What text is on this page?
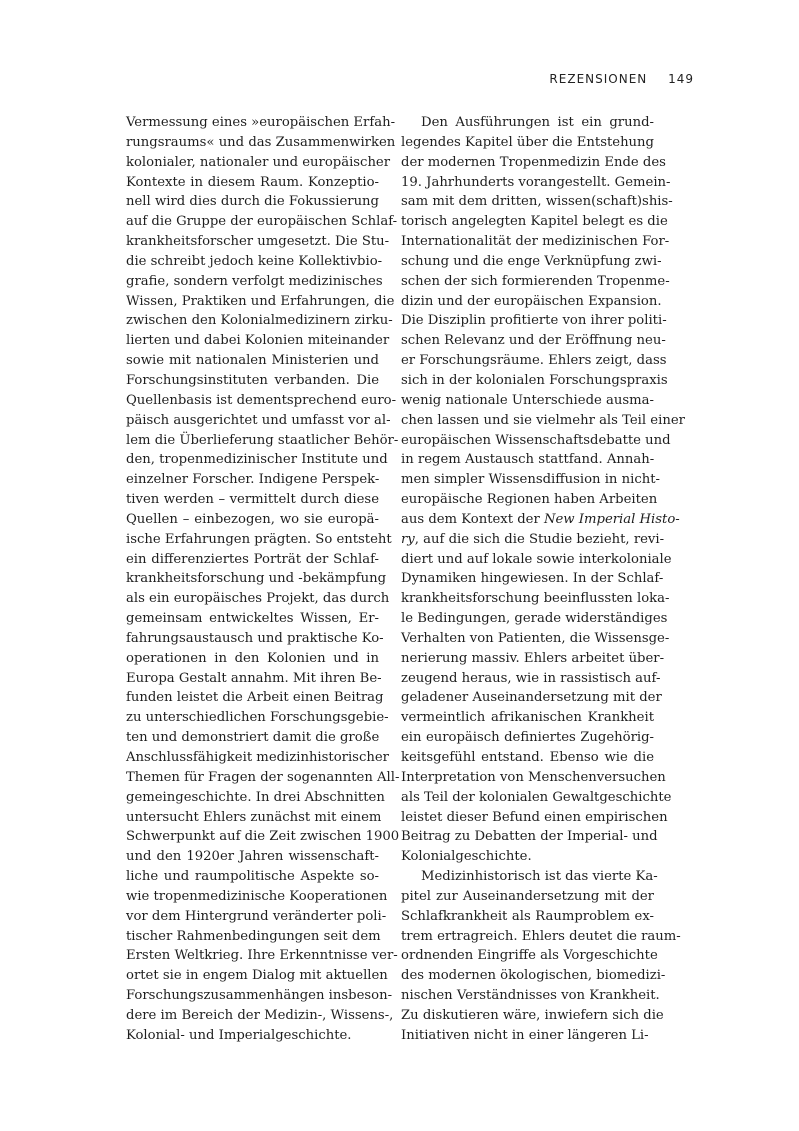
REZENSIONEN 149
Vermessung eines »europäischen Erfah-
rungsraums« und das Zusammenwirken
kolonialer, nationaler und europäischer
Kontexte in diesem Raum. Konzeptio-
nell wird dies durch die Fokussierung
auf die Gruppe der europäischen Schlaf-
krankheitsforscher umgesetzt. Die Stu-
die schreibt jedoch keine Kollektivbio-
grafie, sondern verfolgt medizinisches
Wissen, Praktiken und Erfahrungen, die
zwischen den Kolonialmedizinern zirku-
lierten und dabei Kolonien miteinander
sowie mit nationalen Ministerien und
Forschungsinstituten verbanden. Die
Quellenbasis ist dementsprechend euro-
päisch ausgerichtet und umfasst vor al-
lem die Überlieferung staatlicher Behör-
den, tropenmedizinischer Institute und
einzelner Forscher. Indigene Perspek-
tiven werden – vermittelt durch diese
Quellen – einbezogen, wo sie europä-
ische Erfahrungen prägten. So entsteht
ein differenziertes Porträt der Schlaf-
krankheitsforschung und -bekämpfung
als ein europäisches Projekt, das durch
gemeinsam entwickeltes Wissen, Er-
fahrungsaustausch und praktische Ko-
operationen in den Kolonien und in
Europa Gestalt annahm. Mit ihren Be-
funden leistet die Arbeit einen Beitrag
zu unterschiedlichen Forschungsgebie-
ten und demonstriert damit die große
Anschlussfähigkeit medizinhistorischer
Themen für Fragen der sogenannten All-
gemeingeschichte. In drei Abschnitten
untersucht Ehlers zunächst mit einem
Schwerpunkt auf die Zeit zwischen 1900
und den 1920er Jahren wissenschaft-
liche und raumpolitische Aspekte so-
wie tropenmedizinische Kooperationen
vor dem Hintergrund veränderter poli-
tischer Rahmenbedingungen seit dem
Ersten Weltkrieg. Ihre Erkenntnisse ver-
ortet sie in engem Dialog mit aktuellen
Forschungszusammenhängen insbeson-
dere im Bereich der Medizin-, Wissens-,
Kolonial- und Imperialgeschichte.
Den Ausführungen ist ein grund-
legendes Kapitel über die Entstehung
der modernen Tropenmedizin Ende des
19. Jahrhunderts vorangestellt. Gemein-
sam mit dem dritten, wissen(schaft)shis-
torisch angelegten Kapitel belegt es die
Internationalität der medizinischen For-
schung und die enge Verknüpfung zwi-
schen der sich formierenden Tropenme-
dizin und der europäischen Expansion.
Die Disziplin profitierte von ihrer politi-
schen Relevanz und der Eröffnung neu-
er Forschungsräume. Ehlers zeigt, dass
sich in der kolonialen Forschungspraxis
wenig nationale Unterschiede ausma-
chen lassen und sie vielmehr als Teil einer
europäischen Wissenschaftsdebatte und
in regem Austausch stattfand. Annah-
men simpler Wissensdiffusion in nicht-
europäische Regionen haben Arbeiten
aus dem Kontext der New Imperial Histo-
ry, auf die sich die Studie bezieht, revi-
diert und auf lokale sowie interkoloniale
Dynamiken hingewiesen. In der Schlaf-
krankheitsforschung beeinflussten loka-
le Bedingungen, gerade widerständiges
Verhalten von Patienten, die Wissensge-
nerierung massiv. Ehlers arbeitet über-
zeugend heraus, wie in rassistisch auf-
geladener Auseinandersetzung mit der
vermeintlich afrikanischen Krankheit
ein europäisch definiertes Zugehörig-
keitsgefühl entstand. Ebenso wie die
Interpretation von Menschenversuchen
als Teil der kolonialen Gewaltgeschichte
leistet dieser Befund einen empirischen
Beitrag zu Debatten der Imperial- und
Kolonialgeschichte.
Medizinhistorisch ist das vierte Ka-
pitel zur Auseinandersetzung mit der
Schlafkrankheit als Raumproblem ex-
trem ertragreich. Ehlers deutet die raum-
ordnenden Eingriffe als Vorgeschichte
des modernen ökologischen, biomedizi-
nischen Verständnisses von Krankheit.
Zu diskutieren wäre, inwiefern sich die
Initiativen nicht in einer längeren Li-
